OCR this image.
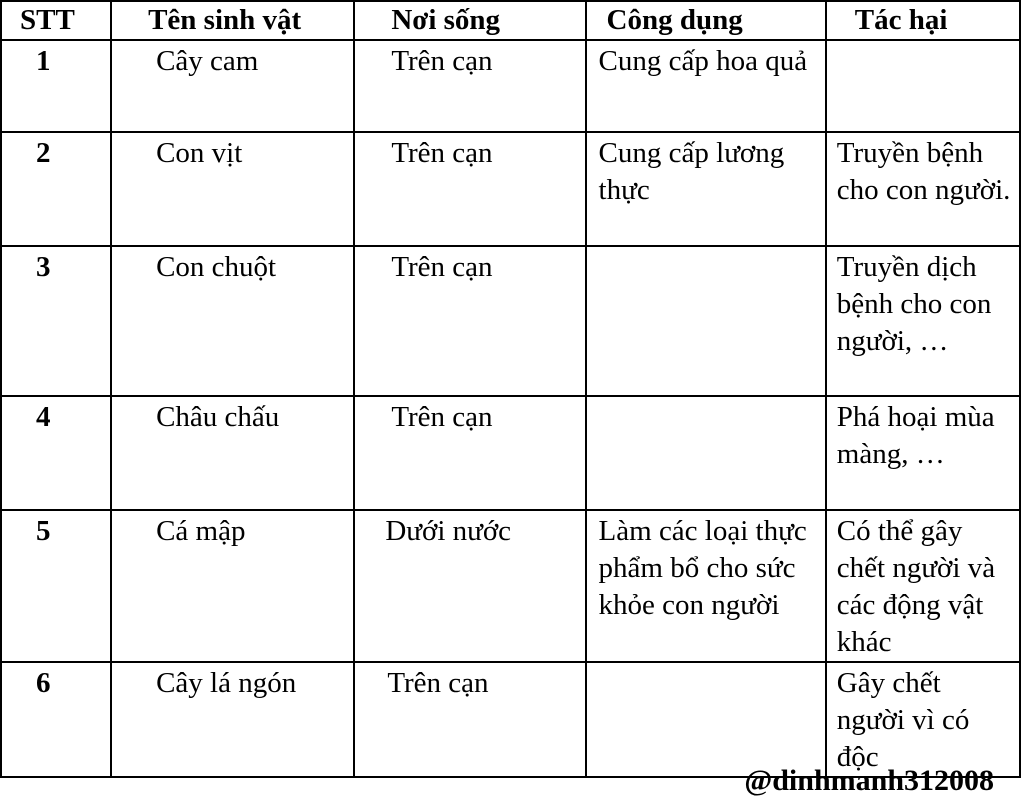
STT	Tên sinh vật	Nơi sống	Công dụng	Tác hại
1	Cây cam	Trên cạn	Cung cấp hoa quả	
2	Con vịt	Trên cạn	Cung cấp lương thực	Truyền bệnh cho con người.
3	Con chuột	Trên cạn		Truyền dịch bệnh cho con người, …
4	Châu chấu	Trên cạn		Phá hoại mùa màng, …
5	Cá mập	Dưới nước	Làm các loại thực phẩm bổ cho sức khỏe con người	Có thể gây chết người và các động vật khác
6	Cây lá ngón	Trên cạn		Gây chết người vì có độc
@dinhmanh312008
